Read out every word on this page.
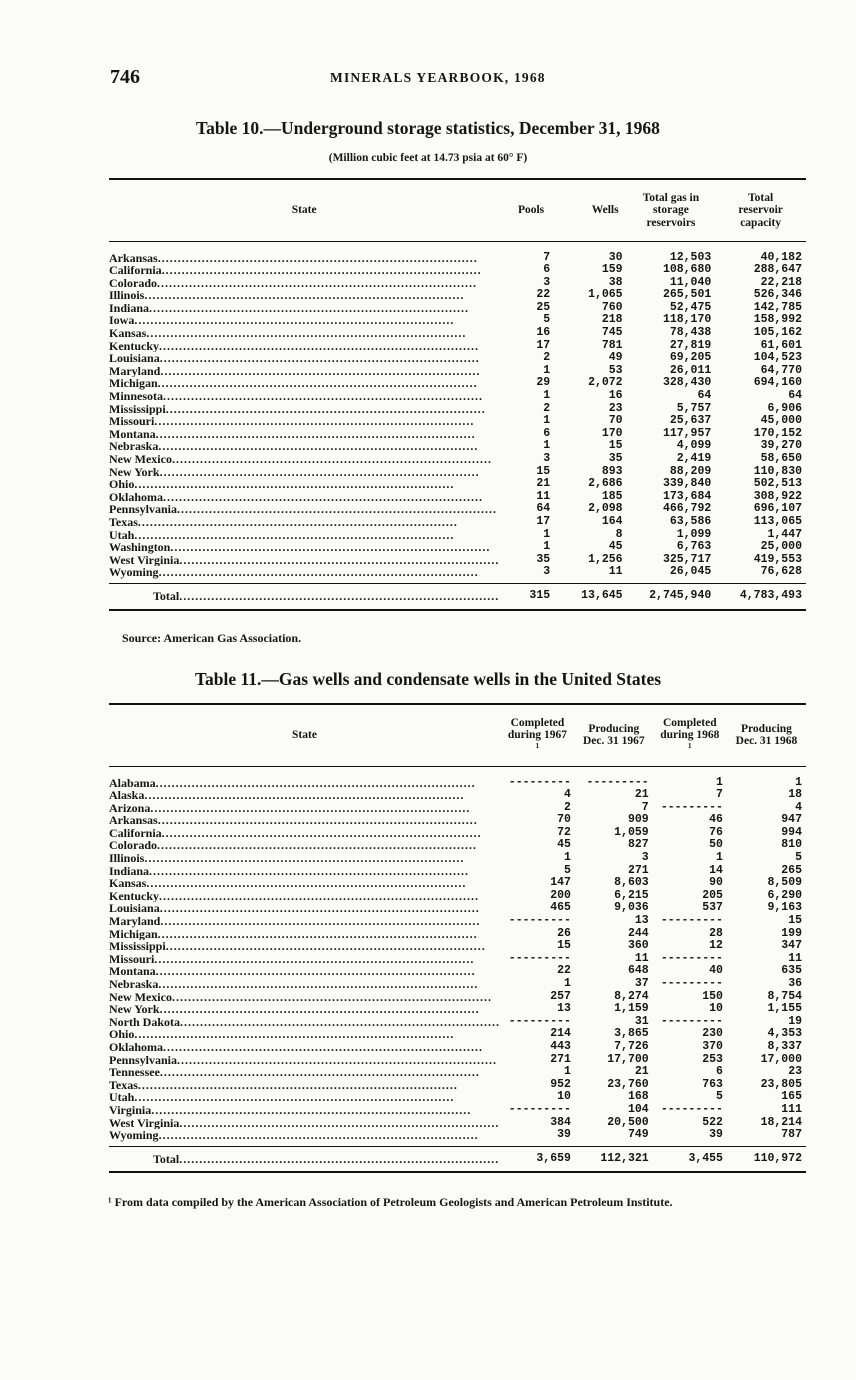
746	MINERALS YEARBOOK, 1968
Table 10.—Underground storage statistics, December 31, 1968
(Million cubic feet at 14.73 psia at 60° F)
State	Pools	Wells	Total gas in storage reservoirs	Total reservoir capacity

Arkansas .....	7	30	12,503	40,182
California .....	6	159	108,680	288,647
Colorado .....	3	38	11,040	22,218
Illinois .....	22	1,065	265,501	526,346
Indiana .....	25	760	52,475	142,785
Iowa .....	5	218	118,170	158,992
Kansas .....	16	745	78,438	105,162
Kentucky .....	17	781	27,819	61,601
Louisiana .....	2	49	69,205	104,523
Maryland .....	1	53	26,011	64,770
Michigan .....	29	2,072	328,430	694,160
Minnesota .....	1	16	64	64
Mississippi .....	2	23	5,757	6,906
Missouri .....	1	70	25,637	45,000
Montana .....	6	170	117,957	170,152
Nebraska .....	1	15	4,099	39,270
New Mexico .....	3	35	2,419	58,650
New York .....	15	893	88,209	110,830
Ohio .....	21	2,686	339,840	502,513
Oklahoma .....	11	185	173,684	308,922
Pennsylvania .....	64	2,098	466,792	696,107
Texas .....	17	164	63,586	113,065
Utah .....	1	8	1,099	1,447
Washington .....	1	45	6,763	25,000
West Virginia .....	35	1,256	325,717	419,553
Wyoming .....	3	11	26,045	76,628
Total .....	315	13,645	2,745,940	4,783,493
Source: American Gas Association.
Table 11.—Gas wells and condensate wells in the United States
State	Completed during 1967 ¹	Producing Dec. 31 1967	Completed during 1968 ¹	Producing Dec. 31 1968

Alabama .....	---------	---------	1	1
Alaska .....	4	21	7	18
Arizona .....	2	7	---------	4
Arkansas .....	70	909	46	947
California .....	72	1,059	76	994
Colorado .....	45	827	50	810
Illinois .....	1	3	1	5
Indiana .....	5	271	14	265
Kansas .....	147	8,603	90	8,509
Kentucky .....	200	6,215	205	6,290
Louisiana .....	465	9,036	537	9,163
Maryland .....	---------	13	---------	15
Michigan .....	26	244	28	199
Mississippi .....	15	360	12	347
Missouri .....	---------	11	---------	11
Montana .....	22	648	40	635
Nebraska .....	1	37	---------	36
New Mexico .....	257	8,274	150	8,754
New York .....	13	1,159	10	1,155
North Dakota .....	---------	31	---------	19
Ohio .....	214	3,865	230	4,353
Oklahoma .....	443	7,726	370	8,337
Pennsylvania .....	271	17,700	253	17,000
Tennessee .....	1	21	6	23
Texas .....	952	23,760	763	23,805
Utah .....	10	168	5	165
Virginia .....	---------	104	---------	111
West Virginia .....	384	20,500	522	18,214
Wyoming .....	39	749	39	787
Total .....	3,659	112,321	3,455	110,972
¹ From data compiled by the American Association of Petroleum Geologists and American Petroleum Institute.
